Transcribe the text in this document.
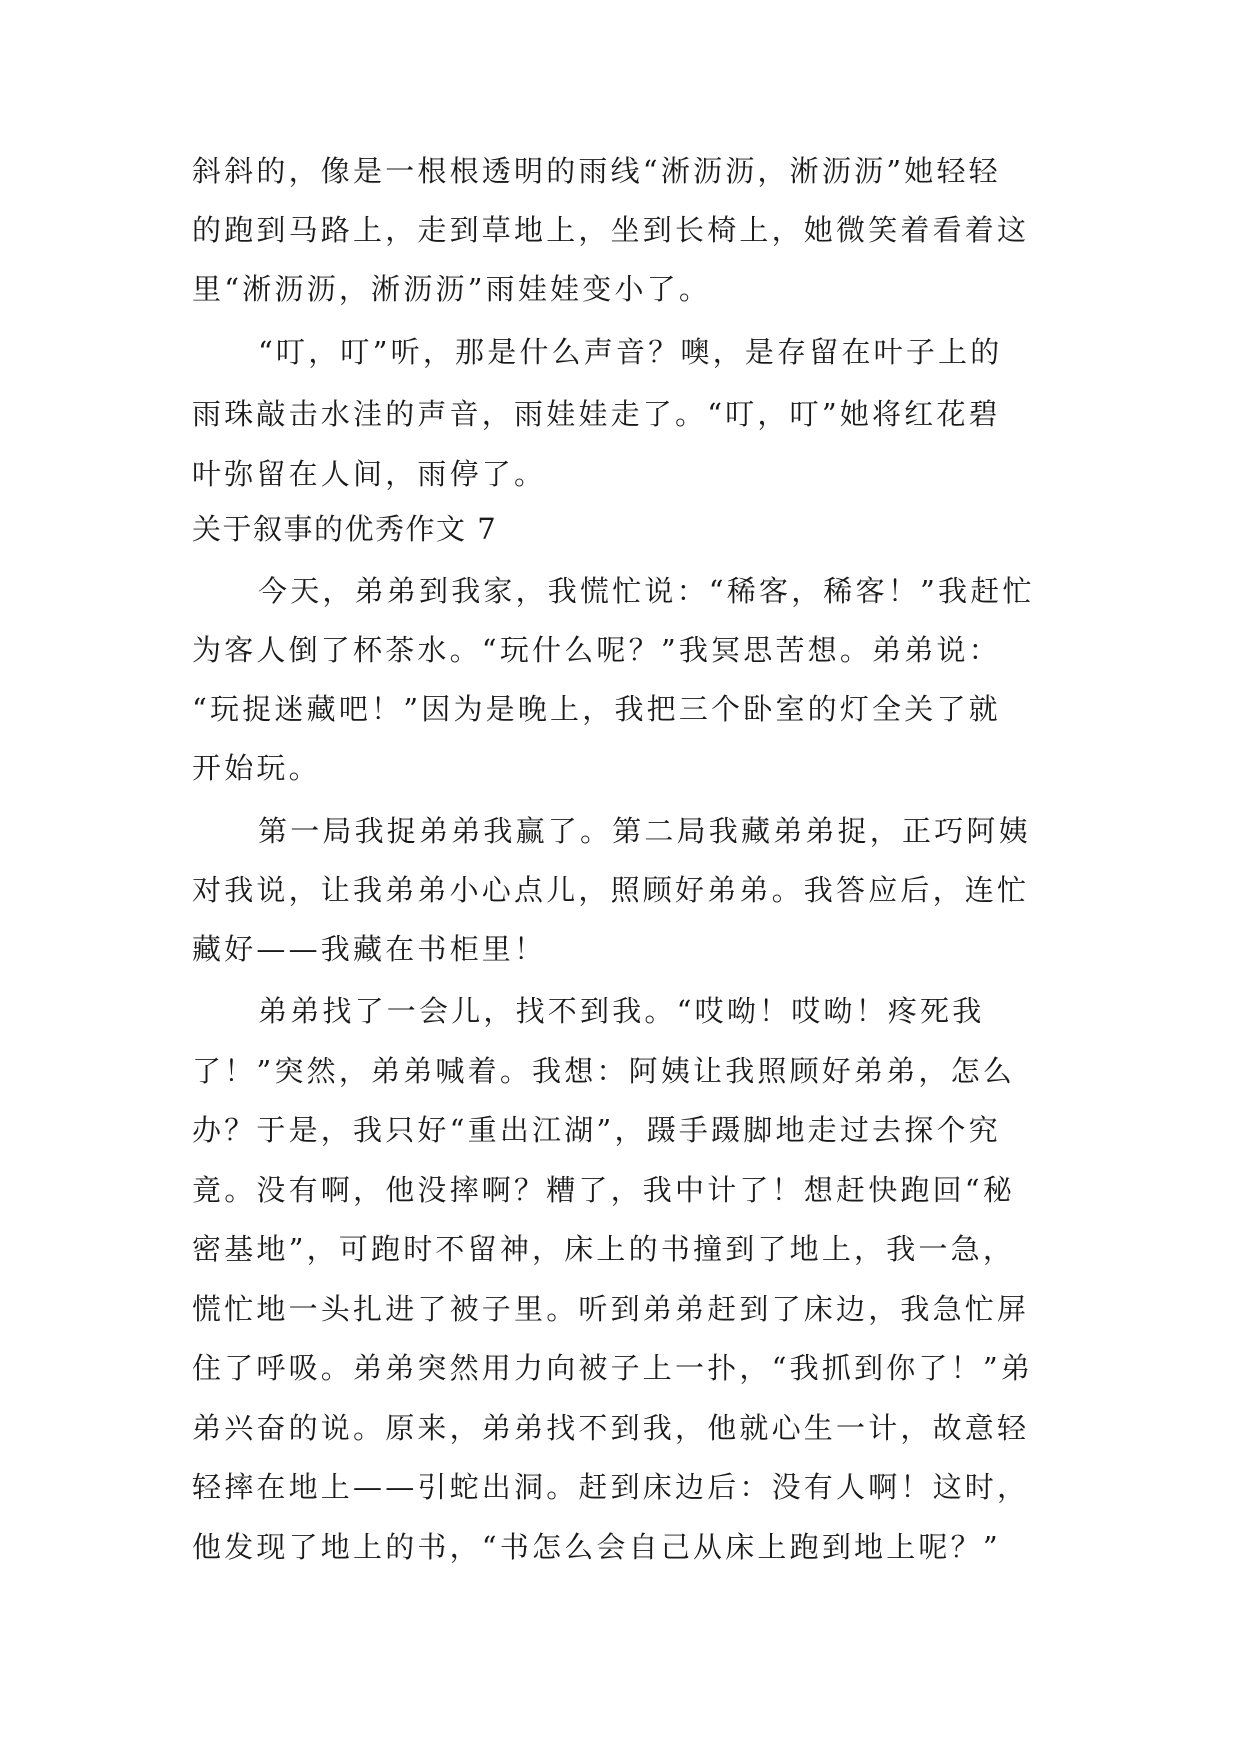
斜斜的，像是一根根透明的雨线“淅沥沥，淅沥沥”她轻轻
的跑到马路上，走到草地上，坐到长椅上，她微笑着看着这
里“淅沥沥，淅沥沥”雨娃娃变小了。
“叮，叮”听，那是什么声音？噢，是存留在叶子上的
雨珠敲击水洼的声音，雨娃娃走了。“叮，叮”她将红花碧
叶弥留在人间，雨停了。
关于叙事的优秀作文 7
今天，弟弟到我家，我慌忙说：“稀客，稀客！”我赶忙
为客人倒了杯茶水。“玩什么呢？”我冥思苦想。弟弟说：
“玩捉迷藏吧！”因为是晚上，我把三个卧室的灯全关了就
开始玩。
第一局我捉弟弟我赢了。第二局我藏弟弟捉，正巧阿姨
对我说，让我弟弟小心点儿，照顾好弟弟。我答应后，连忙
藏好——我藏在书柜里！
弟弟找了一会儿，找不到我。“哎呦！哎呦！疼死我
了！”突然，弟弟喊着。我想：阿姨让我照顾好弟弟，怎么
办？于是，我只好“重出江湖”，蹑手蹑脚地走过去探个究
竟。没有啊，他没摔啊？糟了，我中计了！想赶快跑回“秘
密基地”，可跑时不留神，床上的书撞到了地上，我一急，
慌忙地一头扎进了被子里。听到弟弟赶到了床边，我急忙屏
住了呼吸。弟弟突然用力向被子上一扑，“我抓到你了！”弟
弟兴奋的说。原来，弟弟找不到我，他就心生一计，故意轻
轻摔在地上——引蛇出洞。赶到床边后：没有人啊！这时，
他发现了地上的书，“书怎么会自己从床上跑到地上呢？”
